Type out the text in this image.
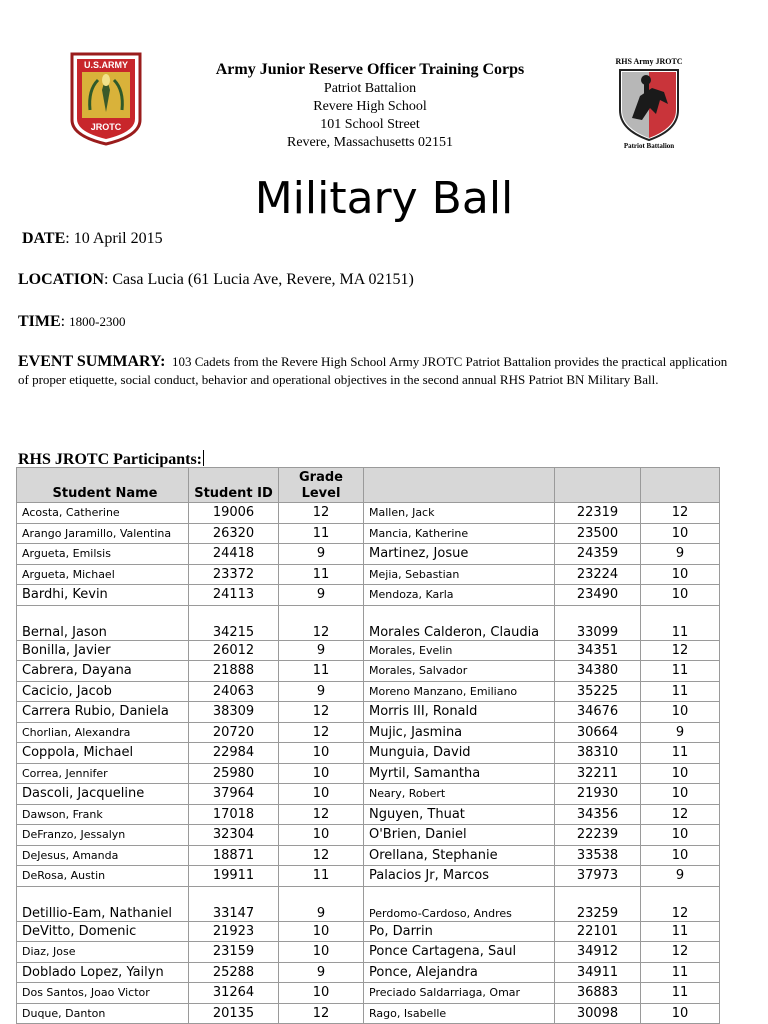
U.S.ARMY
JROTC
RHS Army JROTC
Patriot Battalion
Army Junior Reserve Officer Training Corps
Patriot Battalion
Revere High School
101 School Street
Revere, Massachusetts 02151
Military Ball
DATE: 10 April 2015
LOCATION: Casa Lucia (61 Lucia Ave, Revere, MA 02151)
TIME: 1800-2300
EVENT SUMMARY: 103 Cadets from the Revere High School Army JROTC Patriot Battalion provides the practical application of proper etiquette, social conduct, behavior and operational objectives in the second annual RHS Patriot BN Military Ball.
RHS JROTC Participants:
Student Name	Student ID	Grade Level			
Acosta, Catherine	19006	12	Mallen, Jack	22319	12
Arango Jaramillo, Valentina	26320	11	Mancia, Katherine	23500	10
Argueta, Emilsis	24418	9	Martinez, Josue	24359	9
Argueta, Michael	23372	11	Mejia, Sebastian	23224	10
Bardhi, Kevin	24113	9	Mendoza, Karla	23490	10
Bernal, Jason	34215	12	Morales Calderon, Claudia	33099	11
Bonilla, Javier	26012	9	Morales, Evelin	34351	12
Cabrera, Dayana	21888	11	Morales, Salvador	34380	11
Cacicio, Jacob	24063	9	Moreno Manzano, Emiliano	35225	11
Carrera Rubio, Daniela	38309	12	Morris III, Ronald	34676	10
Chorlian, Alexandra	20720	12	Mujic, Jasmina	30664	9
Coppola, Michael	22984	10	Munguia, David	38310	11
Correa, Jennifer	25980	10	Myrtil, Samantha	32211	10
Dascoli, Jacqueline	37964	10	Neary, Robert	21930	10
Dawson, Frank	17018	12	Nguyen, Thuat	34356	12
DeFranzo, Jessalyn	32304	10	O'Brien, Daniel	22239	10
DeJesus, Amanda	18871	12	Orellana, Stephanie	33538	10
DeRosa, Austin	19911	11	Palacios Jr, Marcos	37973	9
Detillio-Eam, Nathaniel	33147	9	Perdomo-Cardoso, Andres	23259	12
DeVitto, Domenic	21923	10	Po, Darrin	22101	11
Diaz, Jose	23159	10	Ponce Cartagena, Saul	34912	12
Doblado Lopez, Yailyn	25288	9	Ponce, Alejandra	34911	11
Dos Santos, Joao Victor	31264	10	Preciado Saldarriaga, Omar	36883	11
Duque, Danton	20135	12	Rago, Isabelle	30098	10
